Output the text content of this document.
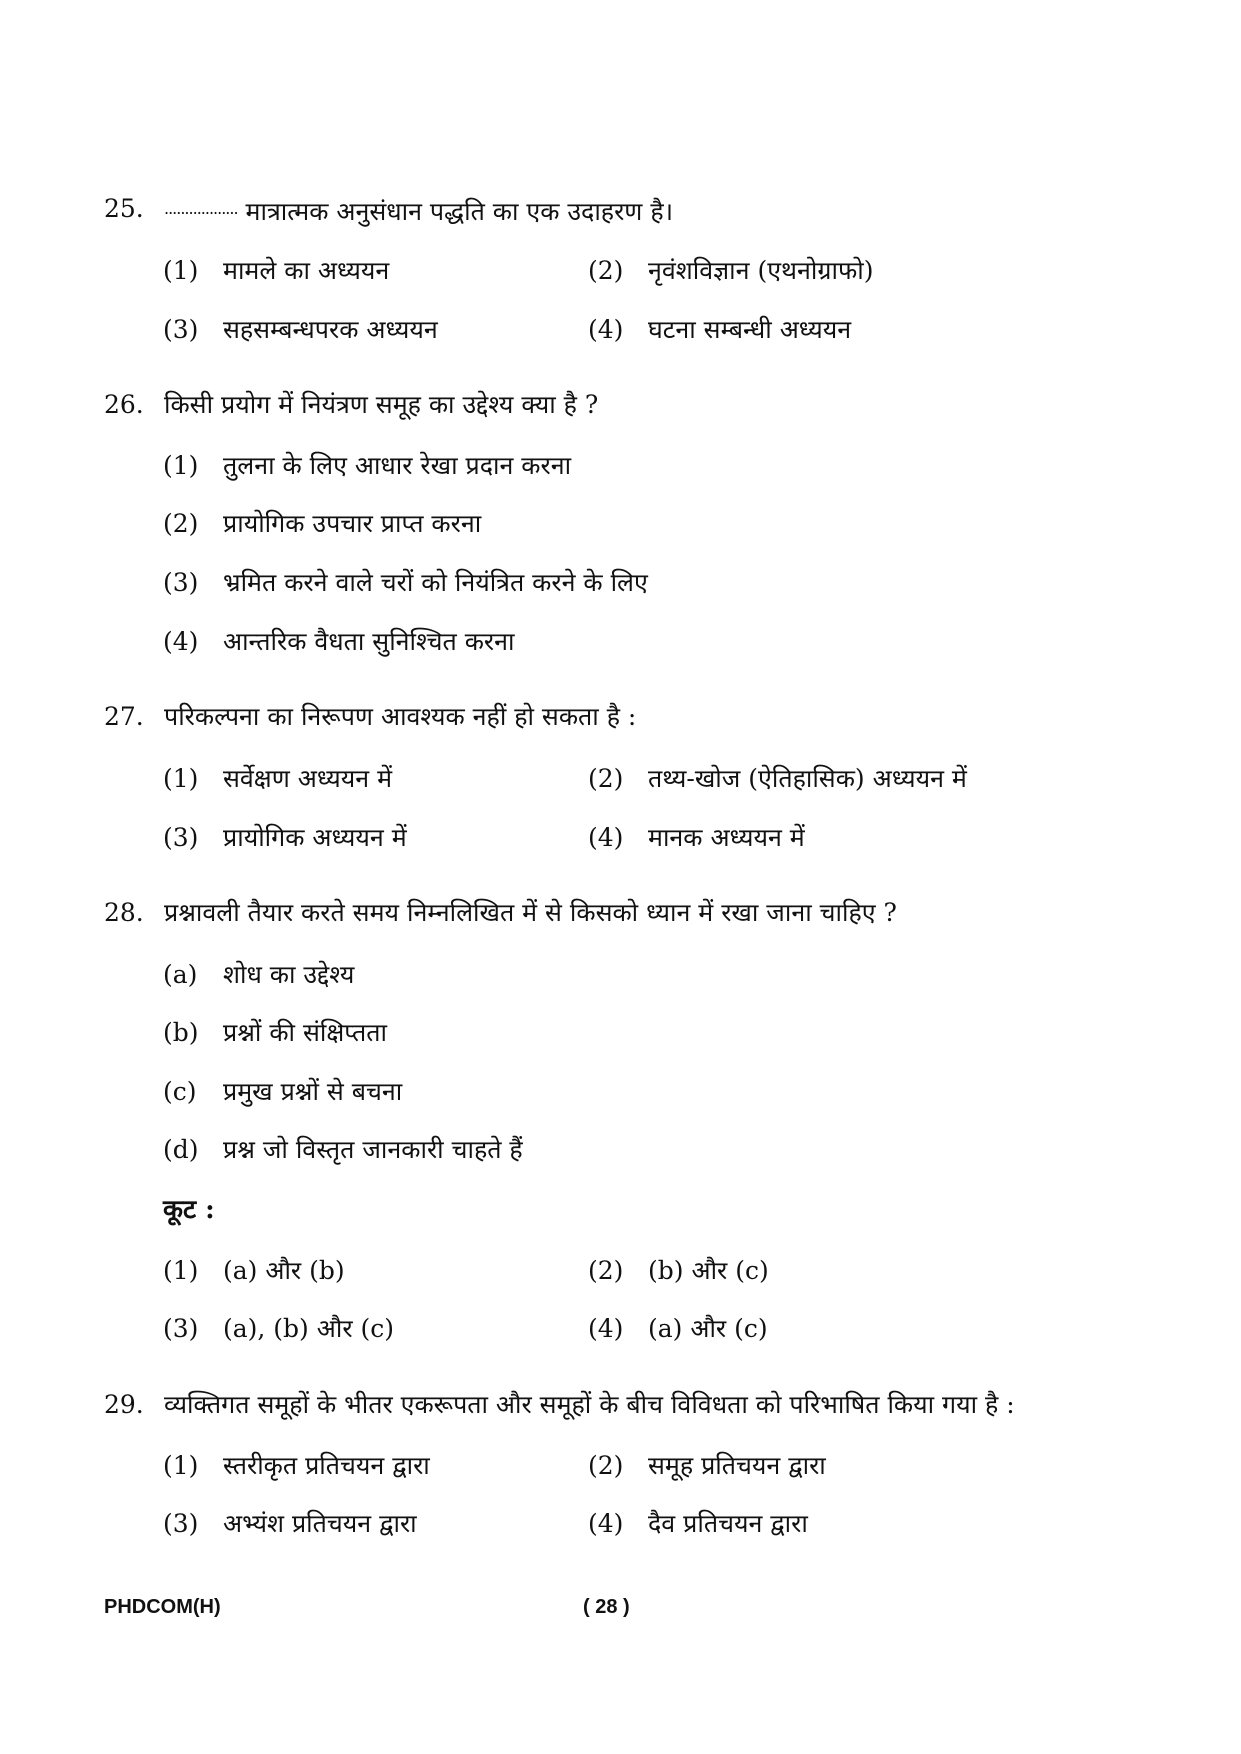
25.	.................. मात्रात्मक अनुसंधान पद्धति का एक उदाहरण है।
(1) मामले का अध्ययन	(2) नृवंशविज्ञान (एथनोग्राफो)
(3) सहसम्बन्धपरक अध्ययन	(4) घटना सम्बन्धी अध्ययन
26. किसी प्रयोग में नियंत्रण समूह का उद्देश्य क्या है ?
(1) तुलना के लिए आधार रेखा प्रदान करना
(2) प्रायोगिक उपचार प्राप्त करना
(3) भ्रमित करने वाले चरों को नियंत्रित करने के लिए
(4) आन्तरिक वैधता सुनिश्चित करना
27. परिकल्पना का निरूपण आवश्यक नहीं हो सकता है :
(1) सर्वेक्षण अध्ययन में	(2) तथ्य-खोज (ऐतिहासिक) अध्ययन में
(3) प्रायोगिक अध्ययन में	(4) मानक अध्ययन में
28. प्रश्नावली तैयार करते समय निम्नलिखित में से किसको ध्यान में रखा जाना चाहिए ?
(a)	शोध का उद्देश्य
(b) प्रश्नों की संक्षिप्तता
(c)	प्रमुख प्रश्नों से बचना
(d) प्रश्न जो विस्तृत जानकारी चाहते हैं
कूट :
(1) (a) और (b)	(2) (b) और (c)
(3) (a), (b) और (c)	(4) (a) और (c)
29. व्यक्तिगत समूहों के भीतर एकरूपता और समूहों के बीच विविधता को परिभाषित किया गया है :
(1) स्तरीकृत प्रतिचयन द्वारा	(2) समूह प्रतिचयन द्वारा
(3) अभ्यंश प्रतिचयन द्वारा	(4) दैव प्रतिचयन द्वारा
PHDCOM(H)	( 28 )
